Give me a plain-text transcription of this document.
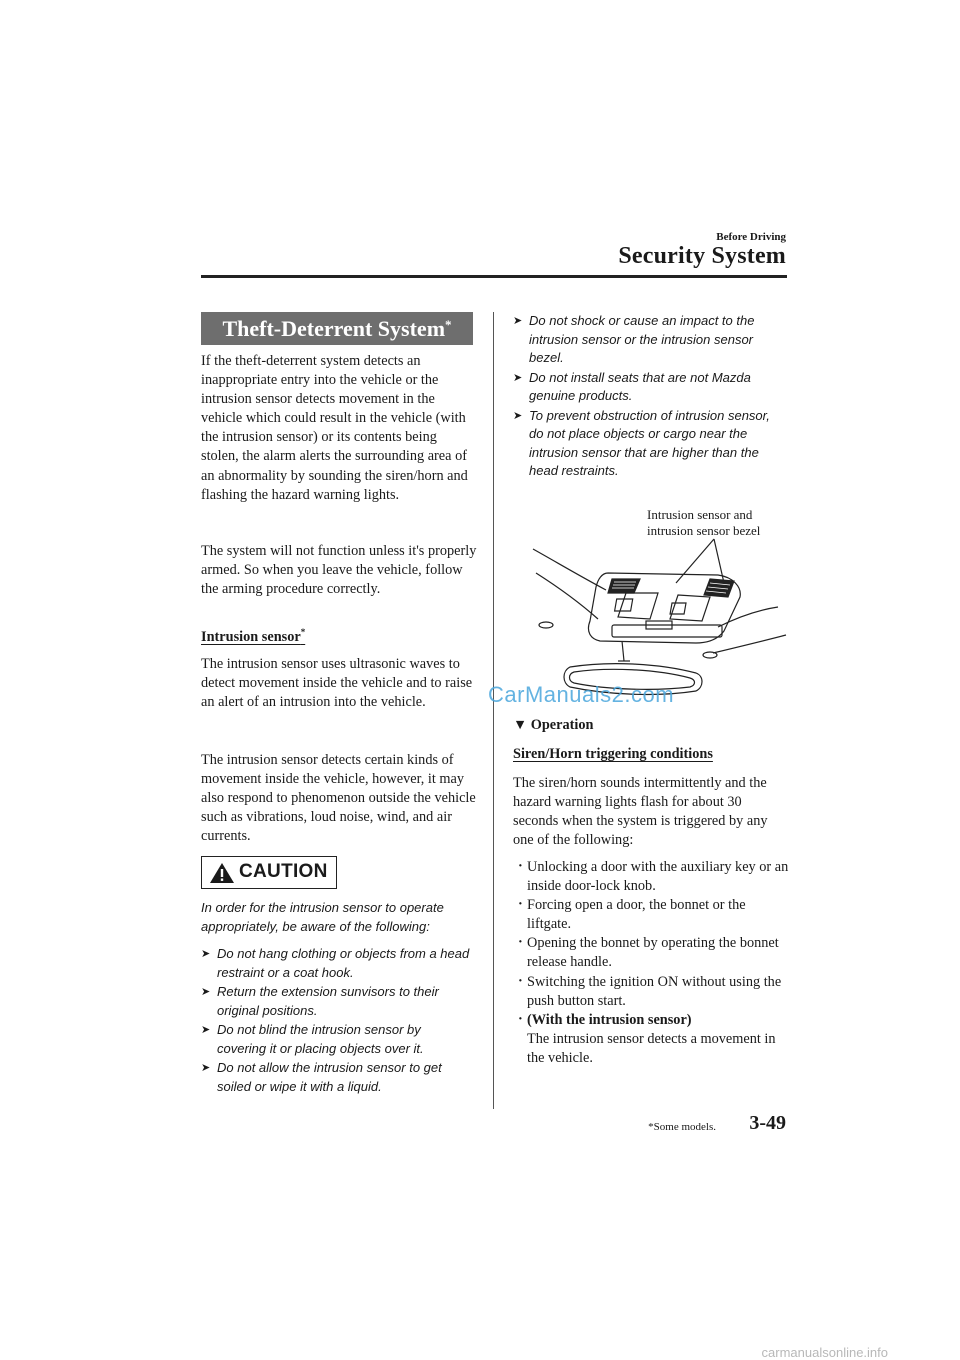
Before Driving
Security System
Theft-Deterrent System*
If the theft-deterrent system detects an inappropriate entry into the vehicle or the intrusion sensor detects movement in the vehicle which could result in the vehicle (with the intrusion sensor) or its contents being stolen, the alarm alerts the surrounding area of an abnormality by sounding the siren/horn and flashing the hazard warning lights.
The system will not function unless it's properly armed. So when you leave the vehicle, follow the arming procedure correctly.
Intrusion sensor*
The intrusion sensor uses ultrasonic waves to detect movement inside the vehicle and to raise an alert of an intrusion into the vehicle.
The intrusion sensor detects certain kinds of movement inside the vehicle, however, it may also respond to phenomenon outside the vehicle such as vibrations, loud noise, wind, and air currents.
CAUTION
In order for the intrusion sensor to operate appropriately, be aware of the following:
➤ Do not hang clothing or objects from a head restraint or a coat hook.
➤ Return the extension sunvisors to their original positions.
➤ Do not blind the intrusion sensor by covering it or placing objects over it.
➤ Do not allow the intrusion sensor to get soiled or wipe it with a liquid.
➤ Do not shock or cause an impact to the intrusion sensor or the intrusion sensor bezel.
➤ Do not install seats that are not Mazda genuine products.
➤ To prevent obstruction of intrusion sensor, do not place objects or cargo near the intrusion sensor that are higher than the head restraints.
Intrusion sensor and
intrusion sensor bezel
CarManuals2.com
▼ Operation
Siren/Horn triggering conditions
The siren/horn sounds intermittently and the hazard warning lights flash for about 30 seconds when the system is triggered by any one of the following:
· Unlocking a door with the auxiliary key or an inside door-lock knob.
· Forcing open a door, the bonnet or the liftgate.
· Opening the bonnet by operating the bonnet release handle.
· Switching the ignition ON without using the push button start.
· (With the intrusion sensor)
The intrusion sensor detects a movement in the vehicle.
*Some models. 3-49
carmanualsonline.info
